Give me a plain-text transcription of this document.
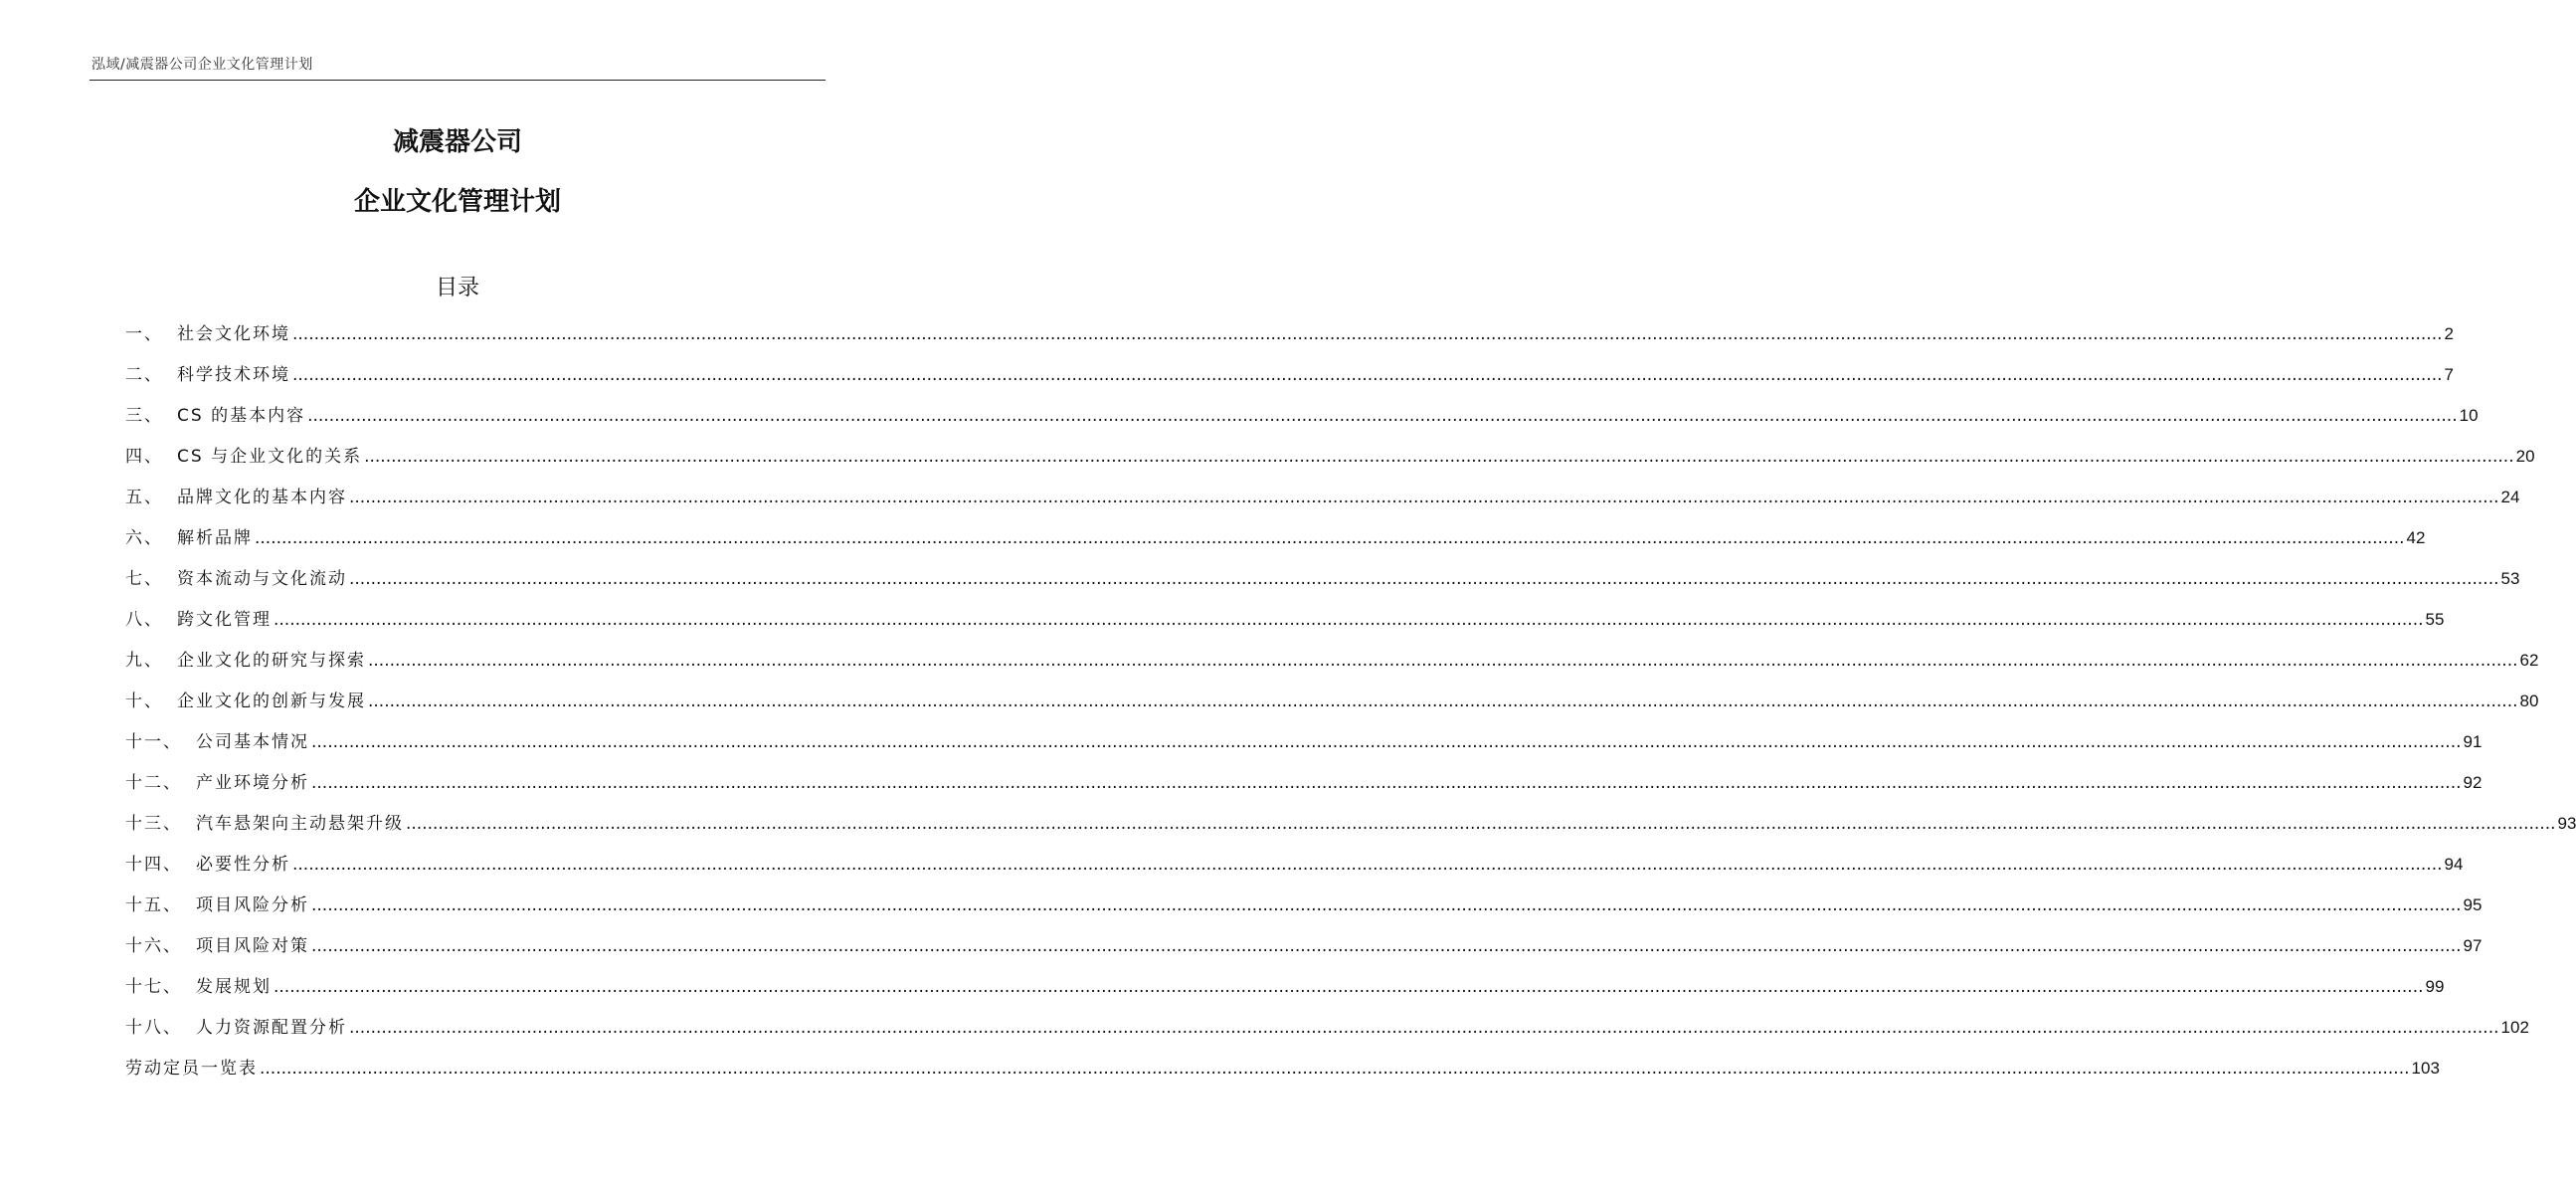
泓域/减震器公司企业文化管理计划
减震器公司
企业文化管理计划
目录
一、 社会文化环境 ................................................................................................................................................................................................................................................................................................................................................................................................................ 2
二、 科学技术环境 ................................................................................................................................................................................................................................................................................................................................................................................................................ 7
三、 CS 的基本内容 ................................................................................................................................................................................................................................................................................................................................................................................................................ 10
四、 CS 与企业文化的关系 ................................................................................................................................................................................................................................................................................................................................................................................................................ 20
五、 品牌文化的基本内容 ................................................................................................................................................................................................................................................................................................................................................................................................................ 24
六、 解析品牌 ................................................................................................................................................................................................................................................................................................................................................................................................................ 42
七、 资本流动与文化流动 ................................................................................................................................................................................................................................................................................................................................................................................................................ 53
八、 跨文化管理 ................................................................................................................................................................................................................................................................................................................................................................................................................ 55
九、 企业文化的研究与探索 ................................................................................................................................................................................................................................................................................................................................................................................................................ 62
十、 企业文化的创新与发展 ................................................................................................................................................................................................................................................................................................................................................................................................................ 80
十一、 公司基本情况 ................................................................................................................................................................................................................................................................................................................................................................................................................ 91
十二、 产业环境分析 ................................................................................................................................................................................................................................................................................................................................................................................................................ 92
十三、 汽车悬架向主动悬架升级 ................................................................................................................................................................................................................................................................................................................................................................................................................ 93
十四、 必要性分析 ................................................................................................................................................................................................................................................................................................................................................................................................................ 94
十五、 项目风险分析 ................................................................................................................................................................................................................................................................................................................................................................................................................ 95
十六、 项目风险对策 ................................................................................................................................................................................................................................................................................................................................................................................................................ 97
十七、 发展规划 ................................................................................................................................................................................................................................................................................................................................................................................................................ 99
十八、 人力资源配置分析 ................................................................................................................................................................................................................................................................................................................................................................................................................ 102
劳动定员一览表 ................................................................................................................................................................................................................................................................................................................................................................................................................ 103
